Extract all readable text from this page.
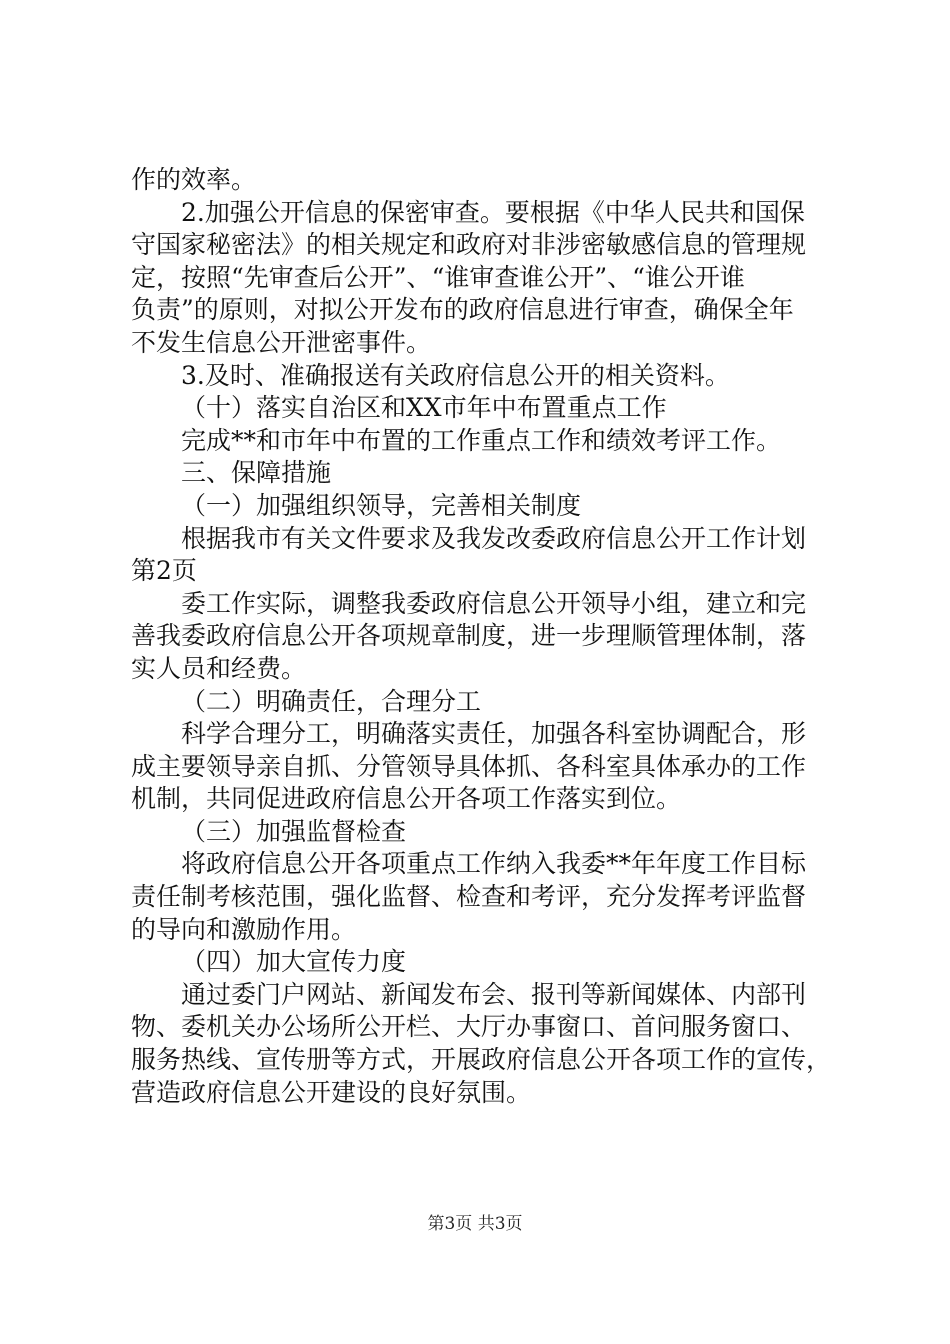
作的效率。
2.加强公开信息的保密审查。要根据《中华人民共和国保
守国家秘密法》的相关规定和政府对非涉密敏感信息的管理规
定，按照“先审查后公开”、“谁审查谁公开”、“谁公开谁
负责”的原则，对拟公开发布的政府信息进行审查，确保全年
不发生信息公开泄密事件。
3.及时、准确报送有关政府信息公开的相关资料。
（十）落实自治区和XX市年中布置重点工作
完成**和市年中布置的工作重点工作和绩效考评工作。
三、保障措施
（一）加强组织领导，完善相关制度
根据我市有关文件要求及我发改委政府信息公开工作计划
第2页
委工作实际，调整我委政府信息公开领导小组，建立和完
善我委政府信息公开各项规章制度，进一步理顺管理体制，落
实人员和经费。
（二）明确责任，合理分工
科学合理分工，明确落实责任，加强各科室协调配合，形
成主要领导亲自抓、分管领导具体抓、各科室具体承办的工作
机制，共同促进政府信息公开各项工作落实到位。
（三）加强监督检查
将政府信息公开各项重点工作纳入我委**年年度工作目标
责任制考核范围，强化监督、检查和考评，充分发挥考评监督
的导向和激励作用。
（四）加大宣传力度
通过委门户网站、新闻发布会、报刊等新闻媒体、内部刊
物、委机关办公场所公开栏、大厅办事窗口、首问服务窗口、
服务热线、宣传册等方式，开展政府信息公开各项工作的宣传，
营造政府信息公开建设的良好氛围。
第3页 共3页
